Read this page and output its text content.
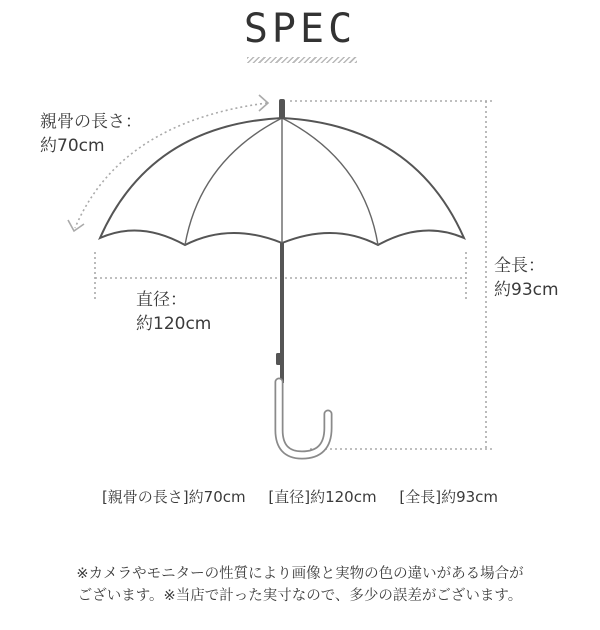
SPEC
親骨の長さ：
約70cm
直径：
約120cm
全長：
約93cm
[親骨の長さ]約70cm [直径]約120cm [全長]約93cm
※カメラやモニターの性質により画像と実物の色の違いがある場合が
ございます。※当店で計った実寸なので、多少の誤差がございます。
